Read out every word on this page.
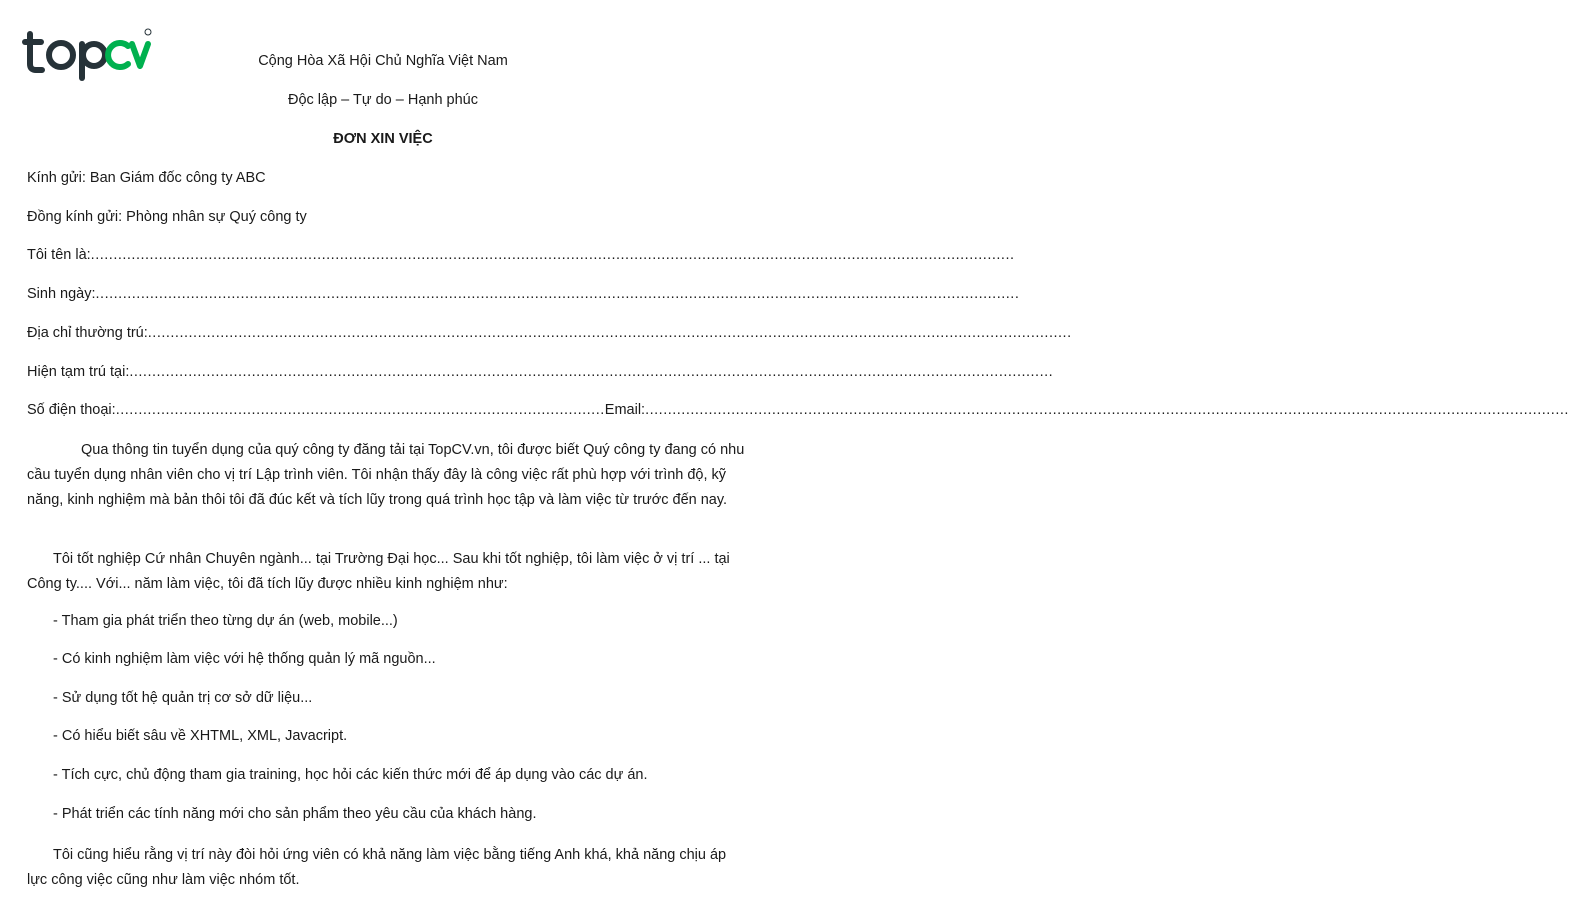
Cộng Hòa Xã Hội Chủ Nghĩa Việt Nam
Độc lập – Tự do – Hạnh phúc
ĐƠN XIN VIỆC
Kính gửi: Ban Giám đốc công ty ABC
Đồng kính gửi: Phòng nhân sự Quý công ty
Tôi tên là: ............................................................................................................................................................................................................
Sinh ngày: ............................................................................................................................................................................................................
Địa chỉ thường trú: ............................................................................................................................................................................................................
Hiện tạm trú tại: ............................................................................................................................................................................................................
Số điện thoại: ............................................................................................................ Email: ............................................................................................................................................................................................................
Qua thông tin tuyển dụng của quý công ty đăng tải tại TopCV.vn, tôi được biết Quý công ty đang có nhu cầu tuyển dụng nhân viên cho vị trí Lập trình viên. Tôi nhận thấy đây là công việc rất phù hợp với trình độ, kỹ năng, kinh nghiệm mà bản thôi tôi đã đúc kết và tích lũy trong quá trình học tập và làm việc từ trước đến nay.
Tôi tốt nghiệp Cứ nhân Chuyên ngành... tại Trường Đại học... Sau khi tốt nghiệp, tôi làm việc ở vị trí ... tại Công ty.... Với... năm làm việc, tôi đã tích lũy được nhiều kinh nghiệm như:
- Tham gia phát triển theo từng dự án (web, mobile...)
- Có kinh nghiệm làm việc với hệ thống quản lý mã nguồn...
- Sử dụng tốt hệ quản trị cơ sở dữ liệu...
- Có hiểu biết sâu về XHTML, XML, Javacript.
- Tích cực, chủ động tham gia training, học hỏi các kiến thức mới để áp dụng vào các dự án.
- Phát triển các tính năng mới cho sản phẩm theo yêu cầu của khách hàng.
Tôi cũng hiểu rằng vị trí này đòi hỏi ứng viên có khả năng làm việc bằng tiếng Anh khá, khả năng chịu áp lực công việc cũng như làm việc nhóm tốt.
